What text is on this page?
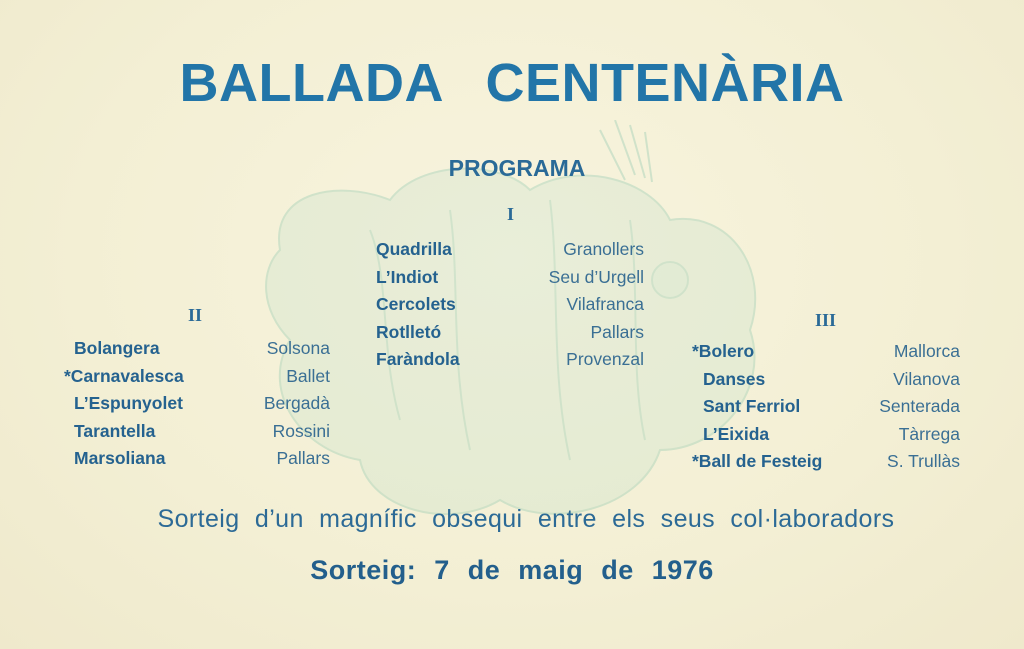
BALLADA CENTENÀRIA
PROGRAMA
I
Quadrilla	Granollers
L’Indiot	Seu d’Urgell
Cercolets	Vilafranca
Rotlletó	Pallars
Faràndola	Provenzal
II
Bolangera	Solsona
*Carnavalesca	Ballet
L’Espunyolet	Bergadà
Tarantella	Rossini
Marsoliana	Pallars
III
*Bolero	Mallorca
Danses	Vilanova
Sant Ferriol	Senterada
L’Eixida	Tàrrega
*Ball de Festeig	S. Trullàs

Sorteig d’un magnífic obsequi entre els seus col·laboradors

Sorteig: 7 de maig de 1976
